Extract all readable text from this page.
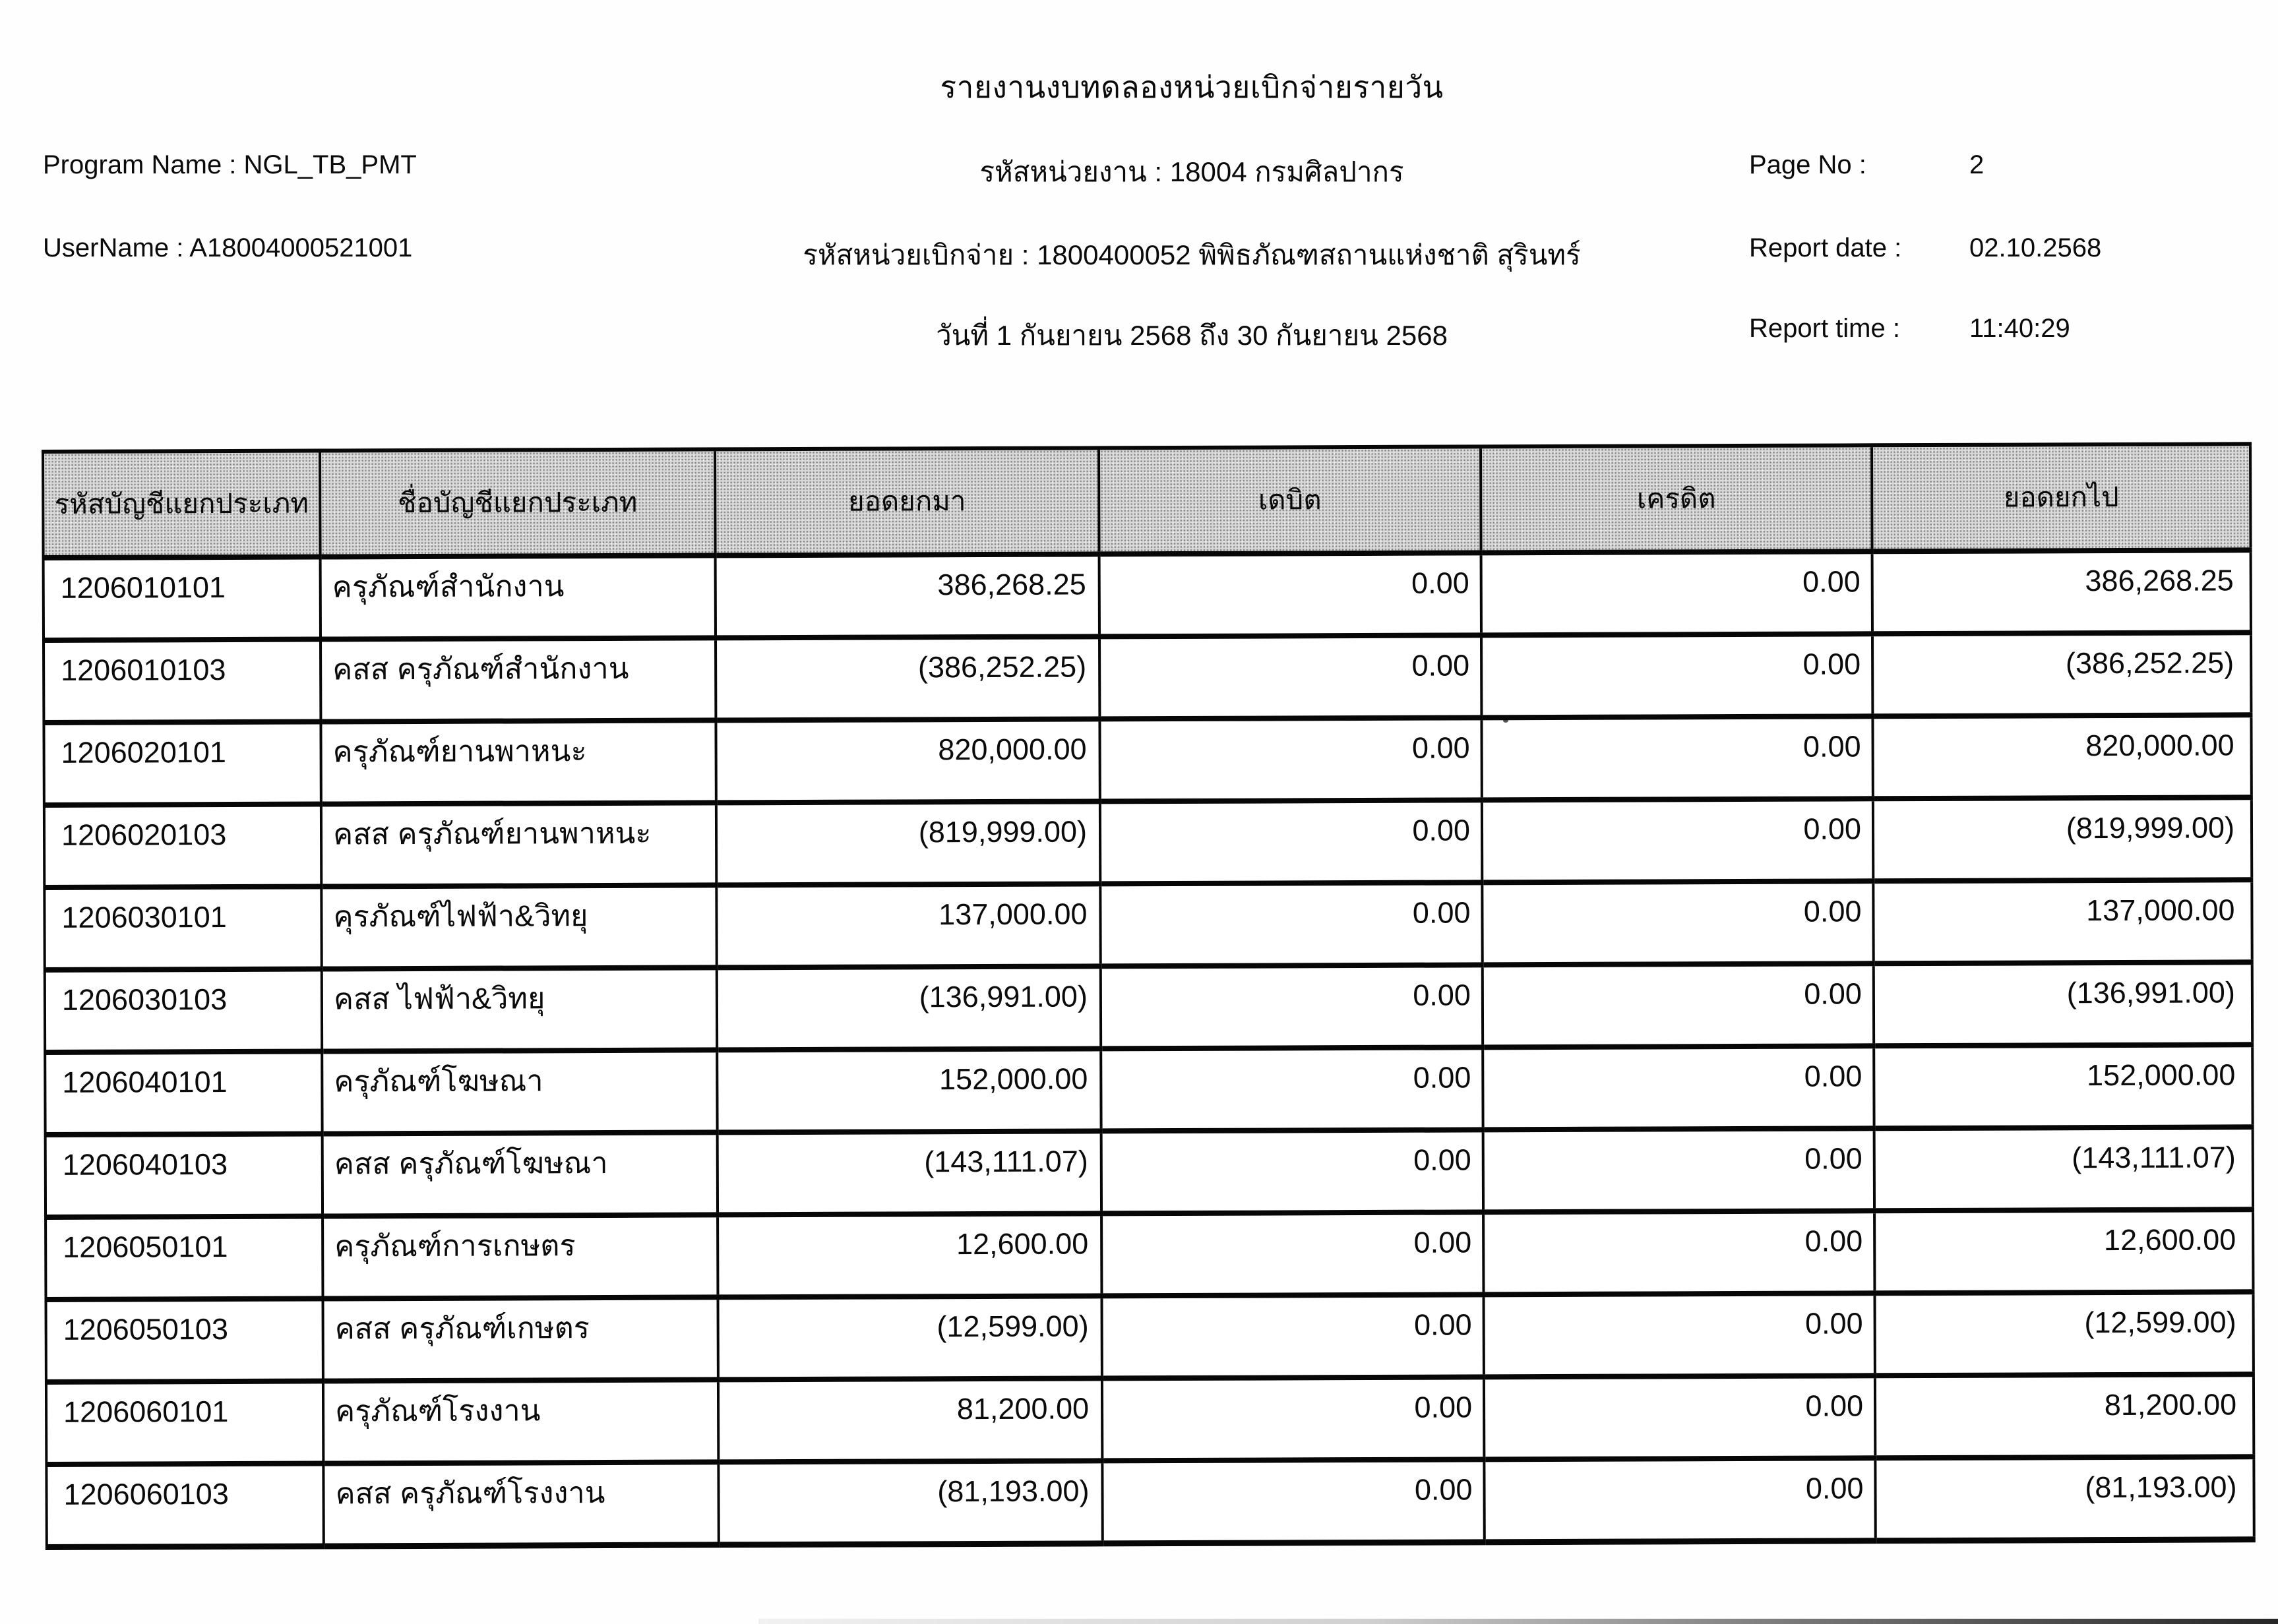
รายงานงบทดลองหน่วยเบิกจ่ายรายวัน
Program Name : NGL_TB_PMT	รหัสหน่วยงาน : 18004 กรมศิลปากร	Page No :	2
UserName : A18004000521001	รหัสหน่วยเบิกจ่าย : 1800400052 พิพิธภัณฑสถานแห่งชาติ สุรินทร์	Report date :	02.10.2568
วันที่ 1 กันยายน 2568 ถึง 30 กันยายน 2568	Report time :	11:40:29
รหัสบัญชีแยกประเภท	ชื่อบัญชีแยกประเภท	ยอดยกมา	เดบิต	เครดิต	ยอดยกไป
1206010101	ครุภัณฑ์สำนักงาน	386,268.25	0.00	0.00	386,268.25
1206010103	คสส ครุภัณฑ์สำนักงาน	(386,252.25)	0.00	0.00	(386,252.25)
1206020101	ครุภัณฑ์ยานพาหนะ	820,000.00	0.00	0.00	820,000.00
1206020103	คสส ครุภัณฑ์ยานพาหนะ	(819,999.00)	0.00	0.00	(819,999.00)
1206030101	คุรภัณฑ์ไฟฟ้า&วิทยุ	137,000.00	0.00	0.00	137,000.00
1206030103	คสส ไฟฟ้า&วิทยุ	(136,991.00)	0.00	0.00	(136,991.00)
1206040101	ครุภัณฑ์โฆษณา	152,000.00	0.00	0.00	152,000.00
1206040103	คสส ครุภัณฑ์โฆษณา	(143,111.07)	0.00	0.00	(143,111.07)
1206050101	ครุภัณฑ์การเกษตร	12,600.00	0.00	0.00	12,600.00
1206050103	คสส ครุภัณฑ์เกษตร	(12,599.00)	0.00	0.00	(12,599.00)
1206060101	ครุภัณฑ์โรงงาน	81,200.00	0.00	0.00	81,200.00
1206060103	คสส ครุภัณฑ์โรงงาน	(81,193.00)	0.00	0.00	(81,193.00)
